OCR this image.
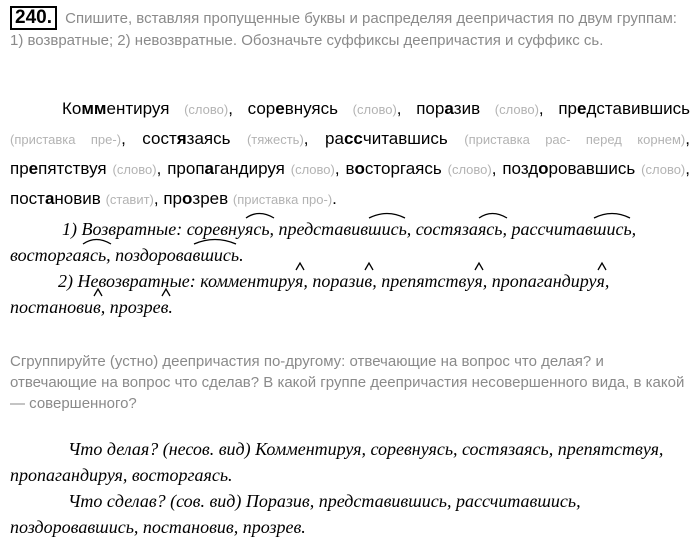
240. Спишите, вставляя пропущенные буквы и распределяя деепричастия по двум группам: 1) возвратные; 2) невозвратные. Обозначьте суффиксы деепричастия и суффикс сь.
Комментируя (слово), соревнуясь (слово), поразив (слово), представившись (приставка пре-), состязаясь (тяжесть), рассчитавшись (приставка рас- перед корнем), препятствуя (слово), пропагандируя (слово), восторгаясь (слово), поздоровавшись (слово), постановив (ставит), прозрев (приставка про-).
1) Возвратные: соревну
ясь, представив
шись, состяза
ясь, рассчитав
шись, восторга
ясь, поздорова
вшись.
2) Невозвратные: комментиру
я, порази
в, препятству
я, пропагандиру
я, постанови
в, прозре
в.
Сгруппируйте (устно) деепричастия по-другому: отвечающие на вопрос что делая? и отвечающие на вопрос что сделав? В какой группе деепричастия несовершенного вида, в какой — совершенного?
Что делая? (несов. вид) Комментируя, соревнуясь, состязаясь, препятствуя, пропагандируя, восторгаясь.
Что сделав? (сов. вид) Поразив, представившись, рассчитавшись, поздоровавшись, постановив, прозрев.
